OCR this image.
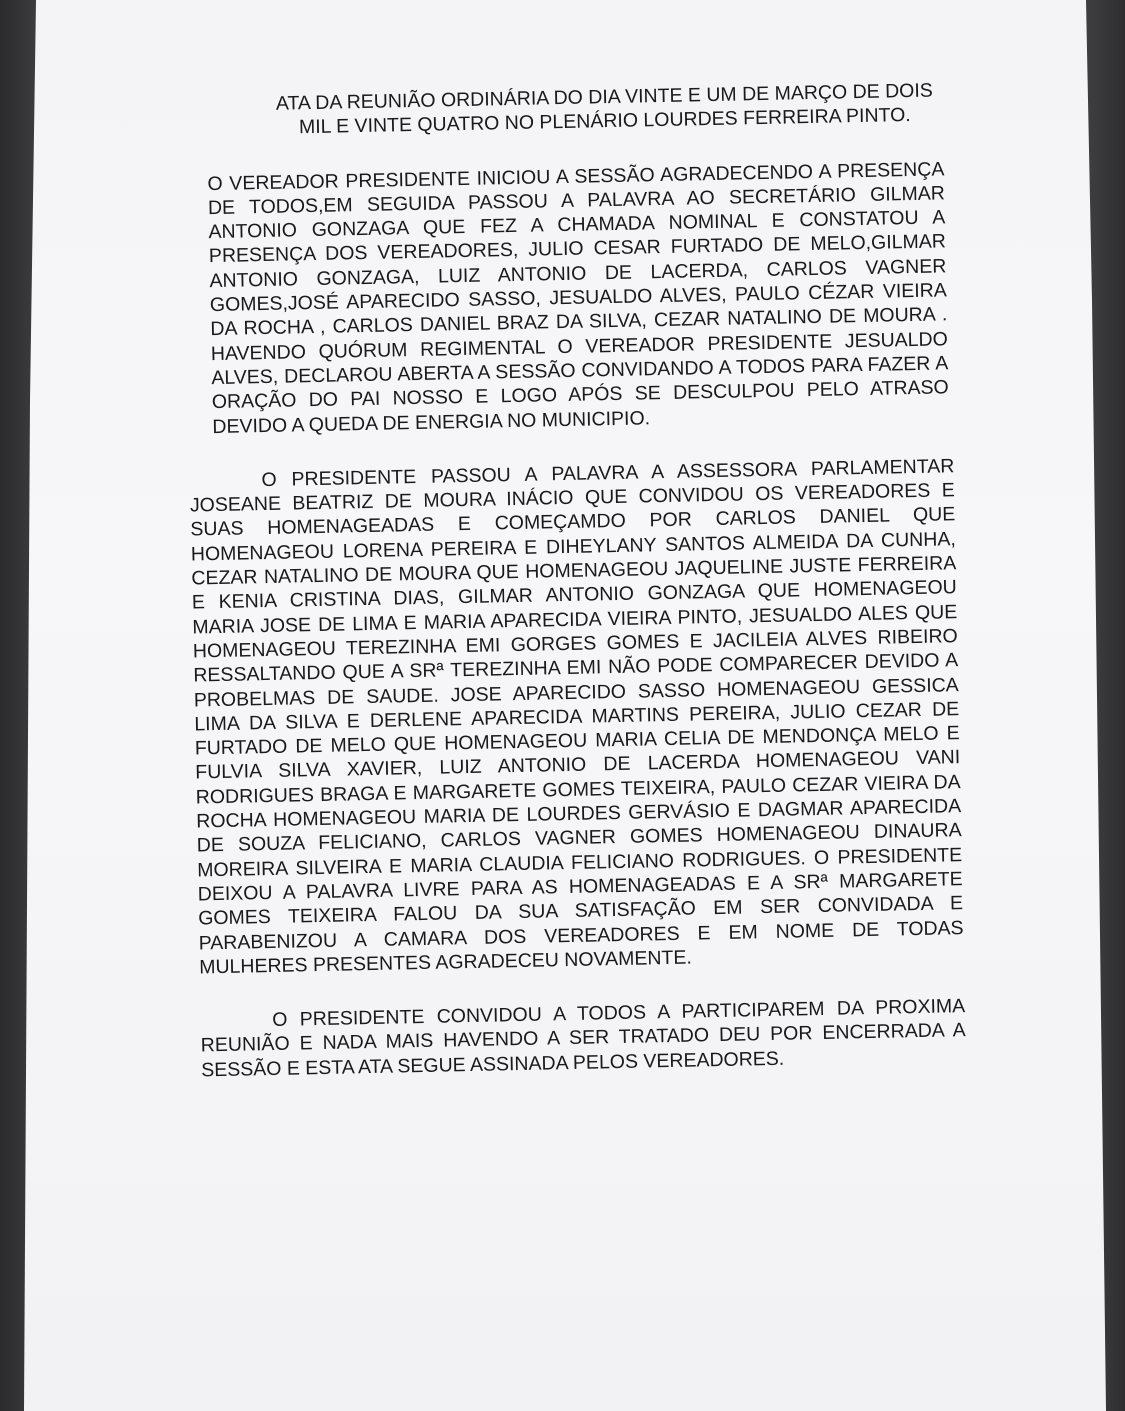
ATA DA REUNIÃO ORDINÁRIA DO DIA VINTE E UM DE MARÇO DE DOIS MIL E VINTE QUATRO NO PLENÁRIO LOURDES FERREIRA PINTO.

O VEREADOR PRESIDENTE INICIOU A SESSÃO AGRADECENDO A PRESENÇA DE TODOS,EM SEGUIDA PASSOU A PALAVRA AO SECRETÁRIO GILMAR ANTONIO GONZAGA QUE FEZ A CHAMADA NOMINAL E CONSTATOU A PRESENÇA DOS VEREADORES, JULIO CESAR FURTADO DE MELO,GILMAR ANTONIO GONZAGA, LUIZ ANTONIO DE LACERDA, CARLOS VAGNER GOMES,JOSÉ APARECIDO SASSO, JESUALDO ALVES, PAULO CÉZAR VIEIRA DA ROCHA , CARLOS DANIEL BRAZ DA SILVA, CEZAR NATALINO DE MOURA . HAVENDO QUÓRUM REGIMENTAL O VEREADOR PRESIDENTE JESUALDO ALVES, DECLAROU ABERTA A SESSÃO CONVIDANDO A TODOS PARA FAZER A ORAÇÃO DO PAI NOSSO E LOGO APÓS SE DESCULPOU PELO ATRASO DEVIDO A QUEDA DE ENERGIA NO MUNICIPIO.

O PRESIDENTE PASSOU A PALAVRA A ASSESSORA PARLAMENTAR JOSEANE BEATRIZ DE MOURA INÁCIO QUE CONVIDOU OS VEREADORES E SUAS HOMENAGEADAS E COMEÇAMDO POR CARLOS DANIEL QUE HOMENAGEOU LORENA PEREIRA E DIHEYLANY SANTOS ALMEIDA DA CUNHA, CEZAR NATALINO DE MOURA QUE HOMENAGEOU JAQUELINE JUSTE FERREIRA E KENIA CRISTINA DIAS, GILMAR ANTONIO GONZAGA QUE HOMENAGEOU MARIA JOSE DE LIMA E MARIA APARECIDA VIEIRA PINTO, JESUALDO ALES QUE HOMENAGEOU TEREZINHA EMI GORGES GOMES E JACILEIA ALVES RIBEIRO RESSALTANDO QUE A SRª TEREZINHA EMI NÃO PODE COMPARECER DEVIDO A PROBELMAS DE SAUDE. JOSE APARECIDO SASSO HOMENAGEOU GESSICA LIMA DA SILVA E DERLENE APARECIDA MARTINS PEREIRA, JULIO CEZAR DE FURTADO DE MELO QUE HOMENAGEOU MARIA CELIA DE MENDONÇA MELO E FULVIA SILVA XAVIER, LUIZ ANTONIO DE LACERDA HOMENAGEOU VANI RODRIGUES BRAGA E MARGARETE GOMES TEIXEIRA, PAULO CEZAR VIEIRA DA ROCHA HOMENAGEOU MARIA DE LOURDES GERVÁSIO E DAGMAR APARECIDA DE SOUZA FELICIANO, CARLOS VAGNER GOMES HOMENAGEOU DINAURA MOREIRA SILVEIRA E MARIA CLAUDIA FELICIANO RODRIGUES. O PRESIDENTE DEIXOU A PALAVRA LIVRE PARA AS HOMENAGEADAS E A SRª MARGARETE GOMES TEIXEIRA FALOU DA SUA SATISFAÇÃO EM SER CONVIDADA E PARABENIZOU A CAMARA DOS VEREADORES E EM NOME DE TODAS MULHERES PRESENTES AGRADECEU NOVAMENTE.

O PRESIDENTE CONVIDOU A TODOS A PARTICIPAREM DA PROXIMA REUNIÃO E NADA MAIS HAVENDO A SER TRATADO DEU POR ENCERRADA A SESSÃO E ESTA ATA SEGUE ASSINADA PELOS VEREADORES.
